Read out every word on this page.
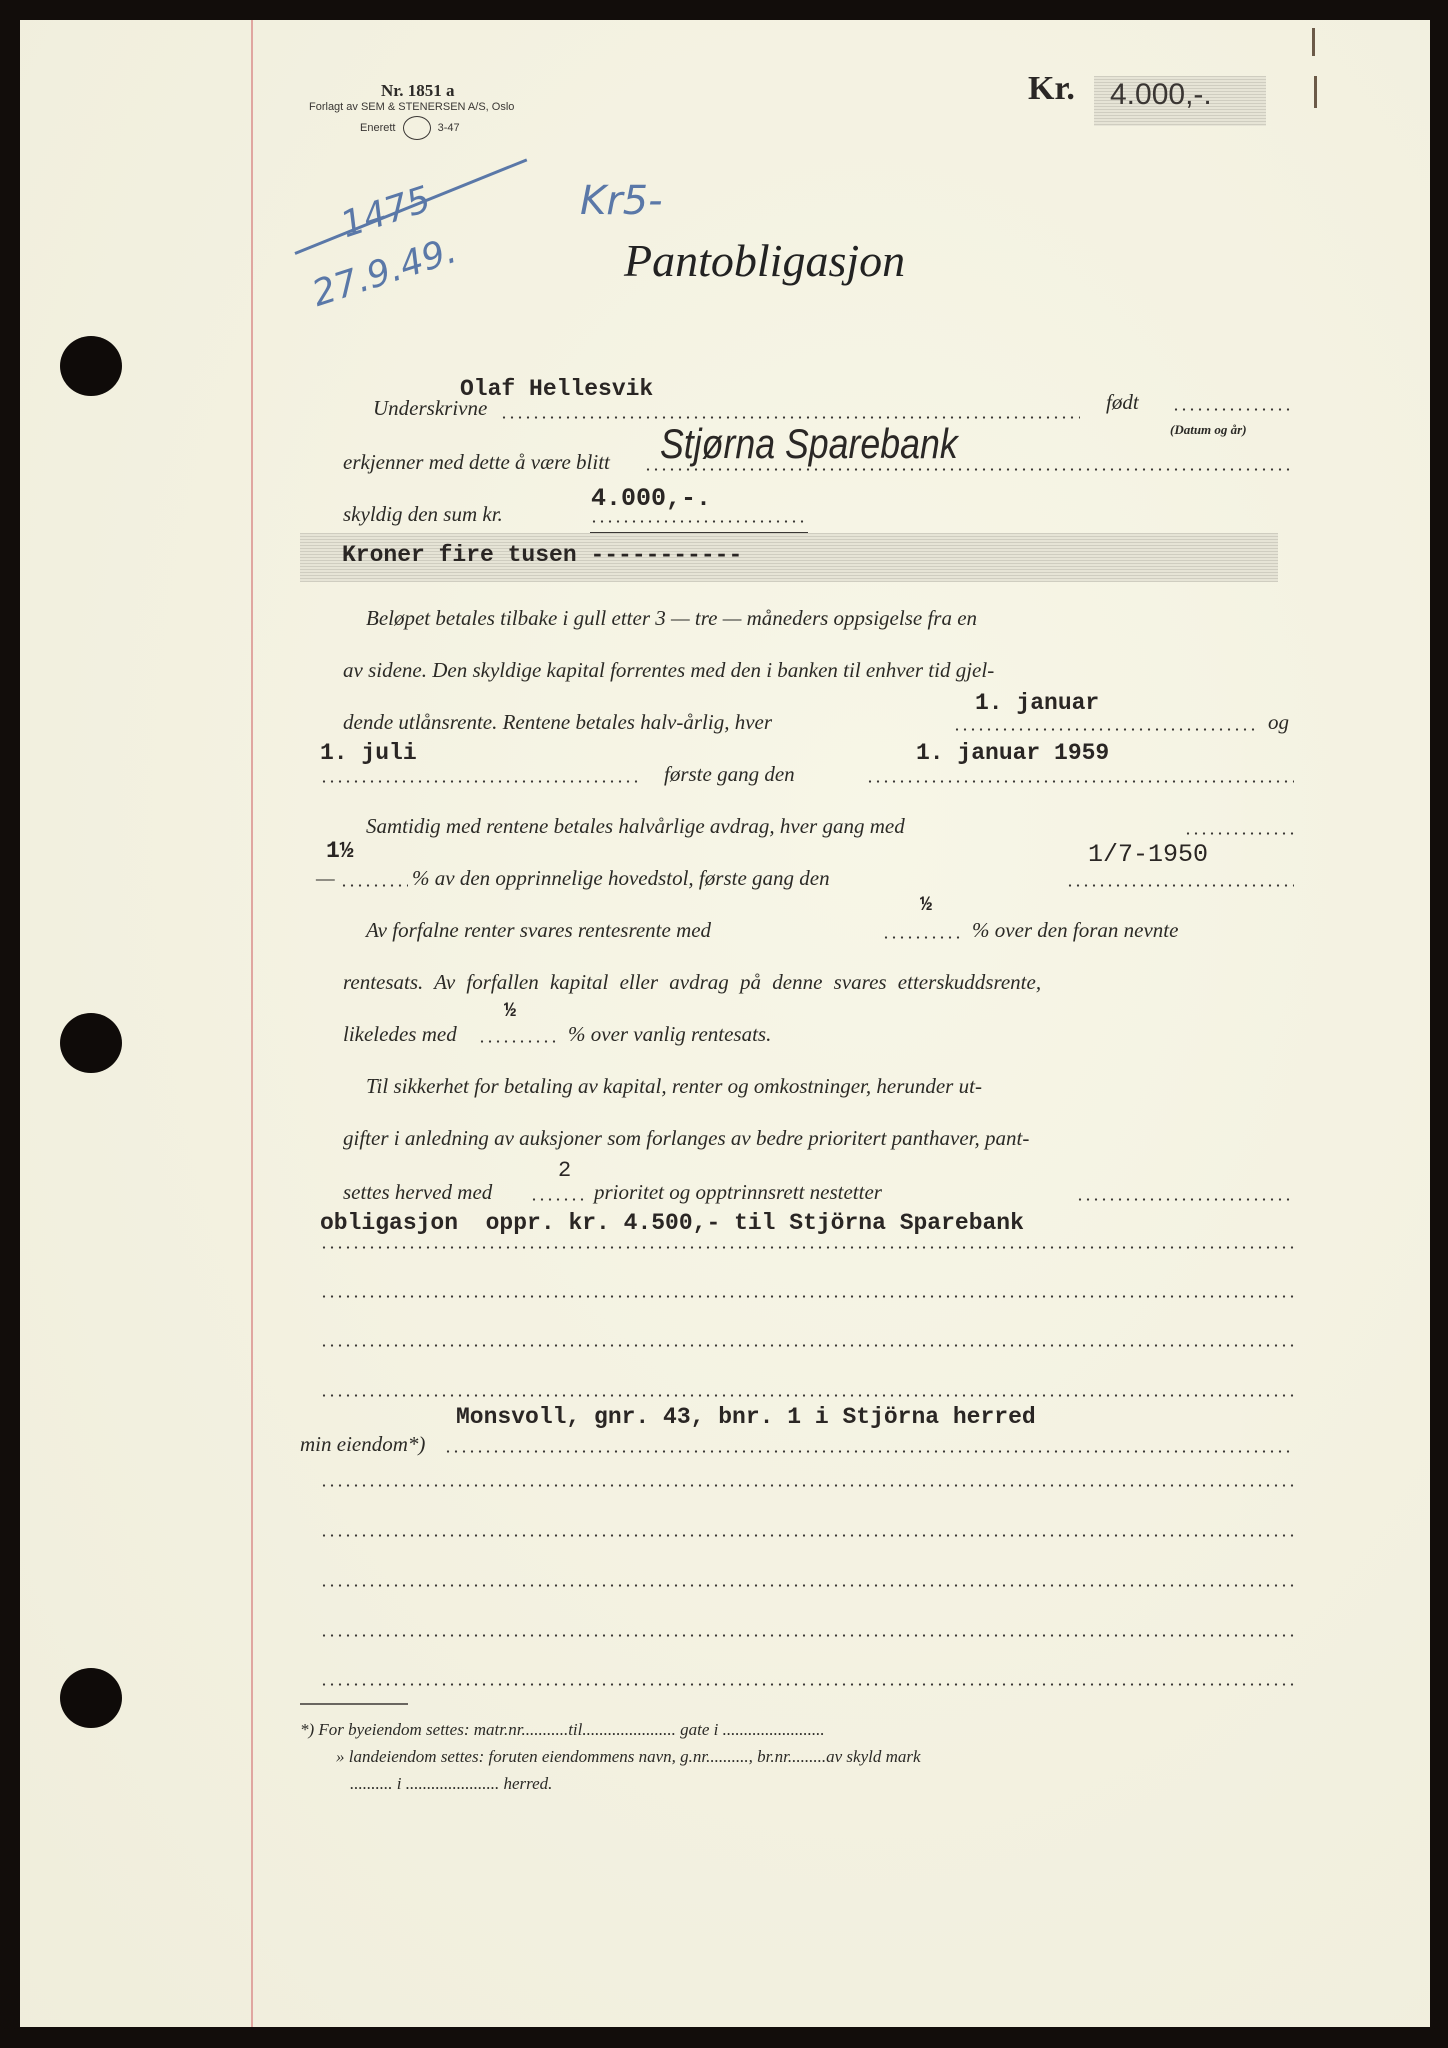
Nr. 1851 a
Forlagt av SEM & STENERSEN A/S, Oslo
Enerett	3-47
Kr. 4.000,-.
1475
27.9.49.
Kr5-
Pantobligasjon
Olaf Hellesvik
Underskrivne	født
(Datum og år)
erkjenner med dette å være blitt Stjørna Sparebank
4.000,-.
skyldig den sum kr.
Kroner fire tusen -----------
Beløpet betales tilbake i gull etter 3 — tre — måneders oppsigelse fra en
av sidene. Den skyldige kapital forrentes med den i banken til enhver tid gjel-
1. januar
dende utlånsrente. Rentene betales halv-årlig, hver	og
1. juli
første gang den
1. januar 1959
Samtidig med rentene betales halvårlige avdrag, hver gang med
1½
—	% av den opprinnelige hovedstol, første gang den
1/7-1950
½
Av forfalne renter svares rentesrente med	% over den foran nevnte
rentesats. Av forfallen kapital eller avdrag på denne svares etterskuddsrente,
½
likeledes med	% over vanlig rentesats.
Til sikkerhet for betaling av kapital, renter og omkostninger, herunder ut-
gifter i anledning av auksjoner som forlanges av bedre prioritert panthaver, pant-
2
settes herved med	prioritet og opptrinnsrett nestetter
obligasjon  oppr. kr. 4.500,- til Stjörna Sparebank
Monsvoll, gnr. 43, bnr. 1 i Stjörna herred
min eiendom*)
*) For byeiendom settes: matr.nr...........til...................... gate i ........................
» landeiendom settes: foruten eiendommens navn, g.nr.........., br.nr.........av skyld mark
.......... i ...................... herred.
